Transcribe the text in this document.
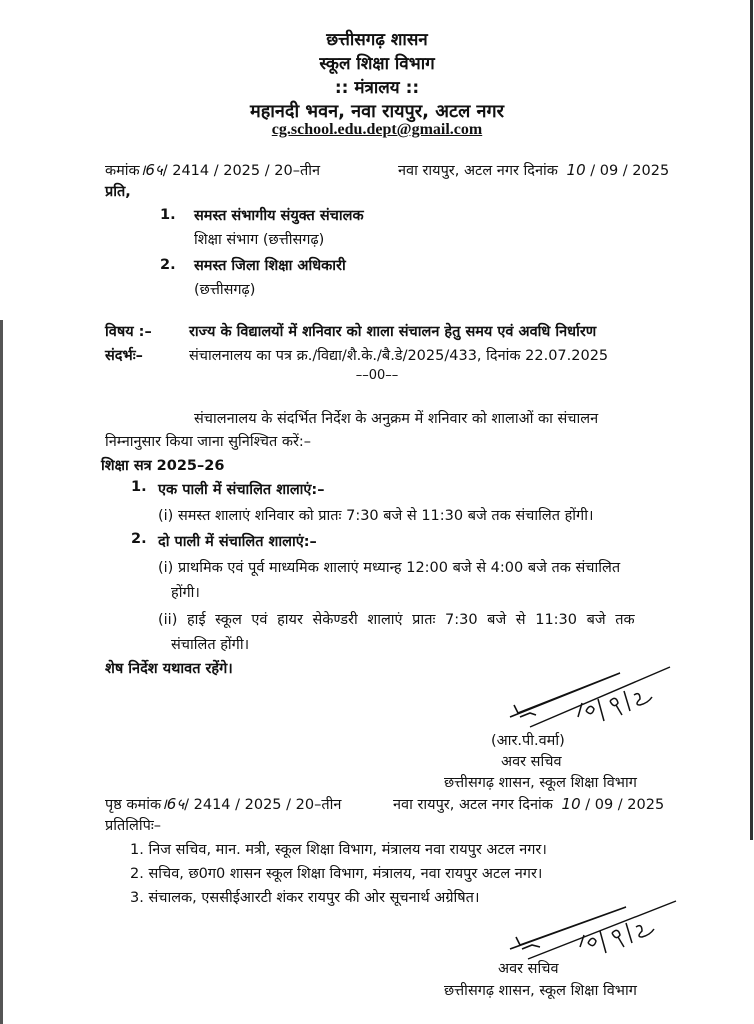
छत्तीसगढ़ शासन
स्कूल शिक्षा विभाग
:: मंत्रालय ::
महानदी भवन, नवा रायपुर, अटल नगर
cg.school.edu.dept@gmail.com
कमांक।6५/ 2414 / 2025 / 20–तीन	नवा रायपुर, अटल नगर दिनांक 10 / 09 / 2025
प्रति,
1. समस्त संभागीय संयुक्त संचालक
शिक्षा संभाग (छत्तीसगढ़)
2. समस्त जिला शिक्षा अधिकारी
(छत्तीसगढ़)
विषय :–	राज्य के विद्यालयों में शनिवार को शाला संचालन हेतु समय एवं अवधि निर्धारण
संदर्भः–	संचालनालय का पत्र क्र./विद्या/शै.के./बै.डे/2025/433, दिनांक 22.07.2025
––00––
संचालनालय के संदर्भित निर्देश के अनुक्रम में शनिवार को शालाओं का संचालन
निम्नानुसार किया जाना सुनिश्चित करें:–
शिक्षा सत्र 2025–26
1. एक पाली में संचालित शालाएं:–
(i) समस्त शालाएं शनिवार को प्रातः 7:30 बजे से 11:30 बजे तक संचालित होंगी।
2. दो पाली में संचालित शालाएं:–
(i) प्राथमिक एवं पूर्व माध्यमिक शालाएं मध्यान्ह 12:00 बजे से 4:00 बजे तक संचालित
होंगी।
(ii) हाई स्कूल एवं हायर सेकेण्डरी शालाएं प्रातः 7:30 बजे से 11:30 बजे तक
संचालित होंगी।
शेष निर्देश यथावत रहेंगे।
(आर.पी.वर्मा)
अवर सचिव
छत्तीसगढ़ शासन, स्कूल शिक्षा विभाग
पृष्ठ कमांक।6५/ 2414 / 2025 / 20–तीन	नवा रायपुर, अटल नगर दिनांक 10 / 09 / 2025
प्रतिलिपिः–
1. निज सचिव, मान. मत्री, स्कूल शिक्षा विभाग, मंत्रालय नवा रायपुर अटल नगर।
2. सचिव, छ0ग0 शासन स्कूल शिक्षा विभाग, मंत्रालय, नवा रायपुर अटल नगर।
3. संचालक, एससीईआरटी शंकर रायपुर की ओर सूचनार्थ अग्रेषित।
अवर सचिव
छत्तीसगढ़ शासन, स्कूल शिक्षा विभाग
